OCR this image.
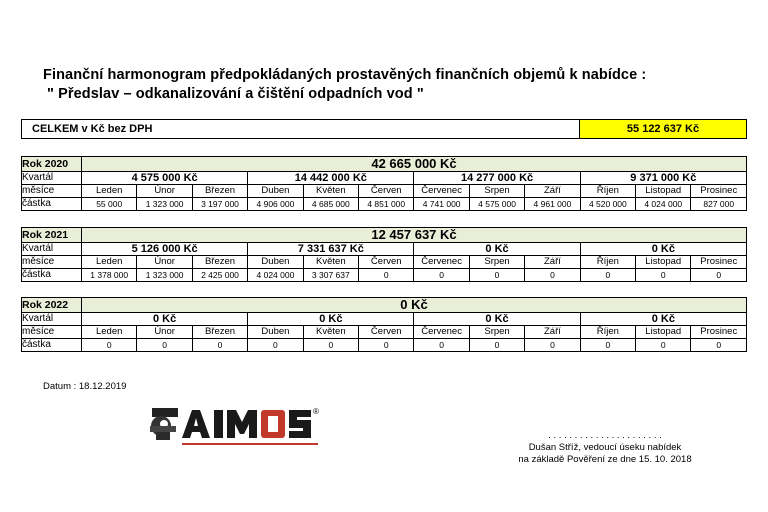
Finanční harmonogram předpokládaných prostavěných finančních objemů k nabídce :
" Předslav – odkanalizování a čištění odpadních vod "
CELKEM v Kč bez DPH	55 122 637 Kč
Rok 2020	42 665 000 Kč											
Kvartál	4 575 000 Kč			14 442 000 Kč			14 277 000 Kč			9 371 000 Kč		
měsíce	Leden	Únor	Březen	Duben	Květen	Červen	Červenec	Srpen	Září	Říjen	Listopad	Prosinec
částka	55 000	1 323 000	3 197 000	4 906 000	4 685 000	4 851 000	4 741 000	4 575 000	4 961 000	4 520 000	4 024 000	827 000
Rok 2021	12 457 637 Kč											
Kvartál	5 126 000 Kč			7 331 637 Kč			0 Kč			0 Kč		
měsíce	Leden	Únor	Březen	Duben	Květen	Červen	Červenec	Srpen	Září	Říjen	Listopad	Prosinec
částka	1 378 000	1 323 000	2 425 000	4 024 000	3 307 637	0	0	0	0	0	0	0
Rok 2022	0 Kč											
Kvartál	0 Kč			0 Kč			0 Kč			0 Kč		
měsíce	Leden	Únor	Březen	Duben	Květen	Červen	Červenec	Srpen	Září	Říjen	Listopad	Prosinec
částka	0	0	0	0	0	0	0	0	0	0	0	0
Datum : 18.12.2019
®
AIMOS
. . . . . . . . . . . . . . . . . . . . . .
Dušan Stříž, vedoucí úseku nabídek
na základě Pověření ze dne 15. 10. 2018
